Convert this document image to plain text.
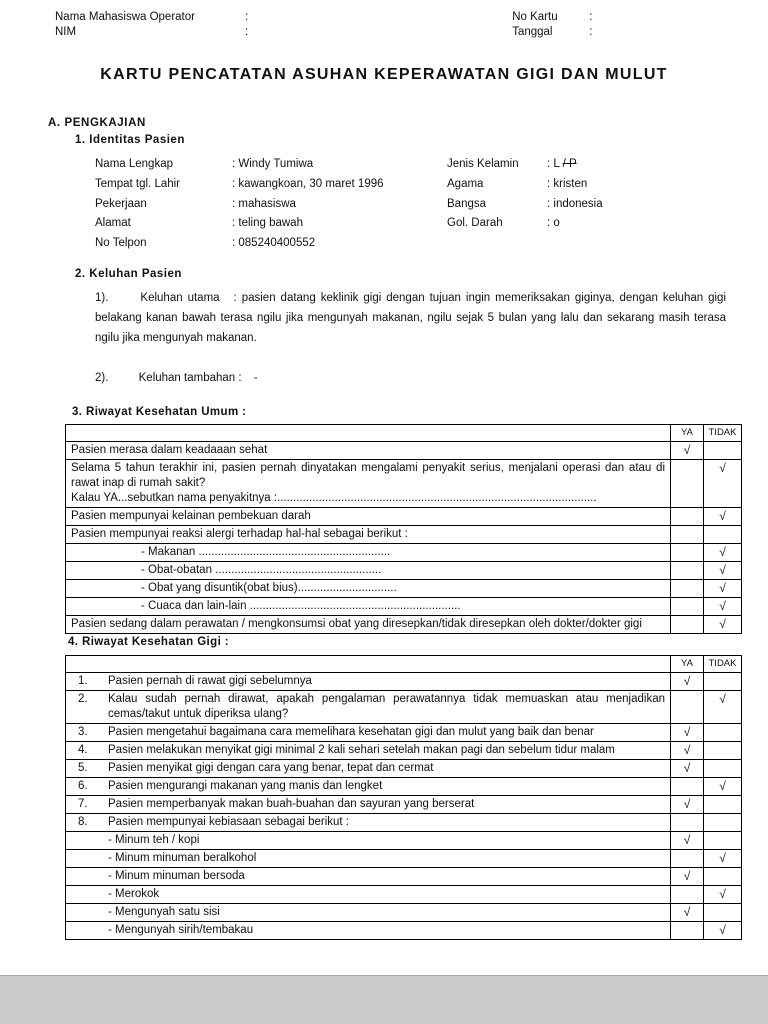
Nama Mahasiswa Operator	:	No Kartu	:
NIM	:	Tanggal	:
KARTU PENCATATAN ASUHAN KEPERAWATAN GIGI DAN MULUT
A. PENGKAJIAN
1. Identitas Pasien
Nama Lengkap	: Windy Tumiwa	Jenis Kelamin	: L / P
Tempat tgl. Lahir	: kawangkoan, 30 maret 1996	Agama	: kristen
Pekerjaan	: mahasiswa	Bangsa	: indonesia
Alamat	: teling bawah	Gol. Darah	: o
No Telpon	: 085240400552
2. Keluhan Pasien

1).	Keluhan utama : pasien datang keklinik gigi dengan tujuan ingin memeriksakan giginya, dengan keluhan gigi belakang kanan bawah terasa ngilu jika mengunyah makanan, ngilu sejak 5 bulan yang lalu dan sekarang masih terasa ngilu jika mengunyah makanan.

2).	Keluhan tambahan : -

3. Riwayat Kesehatan Umum :
	YA	TIDAK

Pasien merasa dalam keadaaan sehat	√	

Selama 5 tahun terakhir ini, pasien pernah dinyatakan mengalami penyakit serius, menjalani operasi dan atau di rawat inap di rumah sakit?
Kalau YA...sebutkan nama penyakitnya :....................................................................................................		√

Pasien mempunyai kelainan pembekuan darah		√

Pasien mempunyai reaksi alergi terhadap hal-hal sebagai berikut :		

- Makanan ............................................................		√

- Obat-obatan ....................................................		√

- Obat yang disuntik(obat bius)...............................		√

- Cuaca dan lain-lain ..................................................................		√

Pasien sedang dalam perawatan / mengkonsumsi obat yang diresepkan/tidak diresepkan oleh dokter/dokter gigi		√
4. Riwayat Kesehatan Gigi :
	YA	TIDAK

1. Pasien pernah di rawat gigi sebelumnya	√	

2. Kalau sudah pernah dirawat, apakah pengalaman perawatannya tidak memuaskan atau menjadikan cemas/takut untuk diperiksa ulang?		√

3. Pasien mengetahui bagaimana cara memelihara kesehatan gigi dan mulut yang baik dan benar	√	

4. Pasien melakukan menyikat gigi minimal 2 kali sehari setelah makan pagi dan sebelum tidur malam	√	

5. Pasien menyikat gigi dengan cara yang benar, tepat dan cermat	√	

6. Pasien mengurangi makanan yang manis dan lengket		√

7. Pasien memperbanyak makan buah-buahan dan sayuran yang berserat	√	

8. Pasien mempunyai kebiasaan sebagai berikut :		

- Minum teh / kopi	√	

- Minum minuman beralkohol		√

- Minum minuman bersoda	√	

- Merokok		√

- Mengunyah satu sisi	√	

- Mengunyah sirih/tembakau		√
